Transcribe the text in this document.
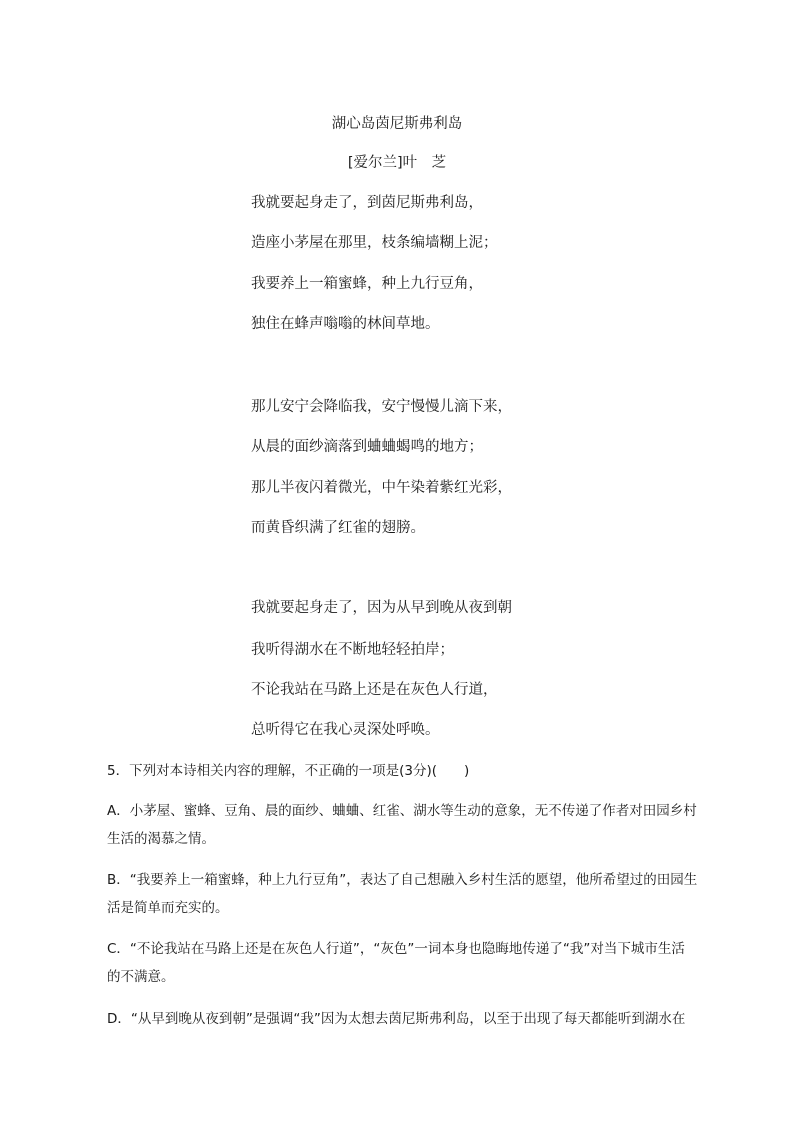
湖心岛茵尼斯弗利岛
[爱尔兰]叶　芝
我就要起身走了，到茵尼斯弗利岛，
造座小茅屋在那里，枝条编墙糊上泥；
我要养上一箱蜜蜂，种上九行豆角，
独住在蜂声嗡嗡的林间草地。
那儿安宁会降临我，安宁慢慢儿滴下来，
从晨的面纱滴落到蛐蛐蝎鸣的地方；
那儿半夜闪着微光，中午染着紫红光彩，
而黄昏织满了红雀的翅膀。
我就要起身走了，因为从早到晚从夜到朝
我听得湖水在不断地轻轻拍岸；
不论我站在马路上还是在灰色人行道，
总听得它在我心灵深处呼唤。
5．下列对本诗相关内容的理解，不正确的一项是(3分)(　　)
A．小茅屋、蜜蜂、豆角、晨的面纱、蛐蛐、红雀、湖水等生动的意象，无不传递了作者对田园乡村
生活的渴慕之情。
B．“我要养上一箱蜜蜂，种上九行豆角”，表达了自己想融入乡村生活的愿望，他所希望过的田园生
活是简单而充实的。
C．“不论我站在马路上还是在灰色人行道”，“灰色”一词本身也隐晦地传递了“我”对当下城市生活
的不满意。
D．“从早到晚从夜到朝”是强调“我”因为太想去茵尼斯弗利岛，以至于出现了每天都能听到湖水在
